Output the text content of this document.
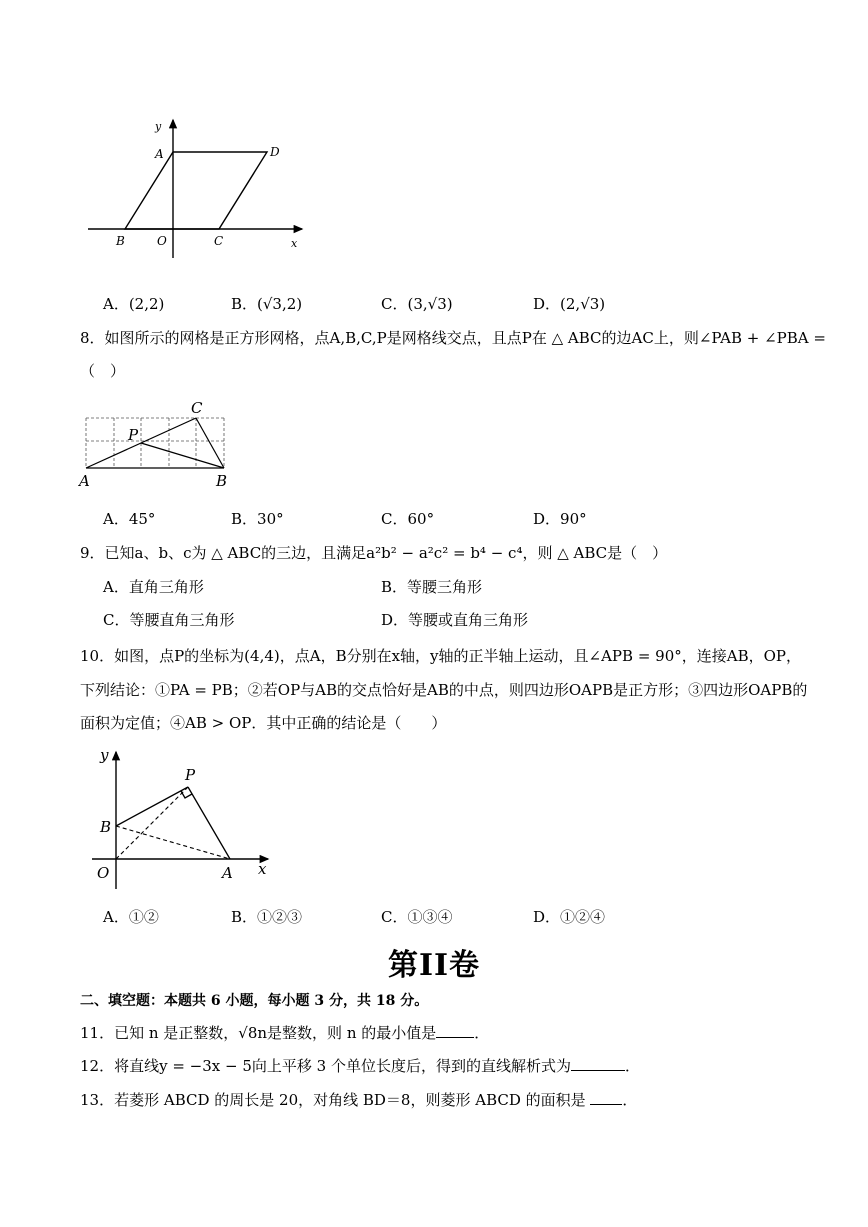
y
x
A	D
B	O	C
A．(2,2)	B．(√3,2)	C．(3,√3)	D．(2,√3)
8．如图所示的网格是正方形网格，点A,B,C,P是网格线交点，且点P在 △ ABC的边AC上，则∠PAB + ∠PBA =
（　）
C
P
A	B
A．45°	B．30°	C．60°	D．90°
9．已知a、b、c为 △ ABC的三边，且满足a²b² − a²c² = b⁴ − c⁴，则 △ ABC是（　）
A．直角三角形	B．等腰三角形
C．等腰直角三角形	D．等腰或直角三角形
10．如图，点P的坐标为(4,4)，点A，B分别在x轴，y轴的正半轴上运动，且∠APB = 90°，连接AB，OP，
下列结论：①PA = PB；②若OP与AB的交点恰好是AB的中点，则四边形OAPB是正方形；③四边形OAPB的
面积为定值；④AB > OP．其中正确的结论是（　　）
y
P
B
O	A x
A．①②	B．①②③	C．①③④	D．①②④
第II卷
二、填空题：本题共 6 小题，每小题 3 分，共 18 分。
11．已知 n 是正整数，√8n是整数，则 n 的最小值是	．
12．将直线y = −3x − 5向上平移 3 个单位长度后，得到的直线解析式为	．
13．若菱形 ABCD 的周长是 20，对角线 BD＝8，则菱形 ABCD 的面积是 ．
